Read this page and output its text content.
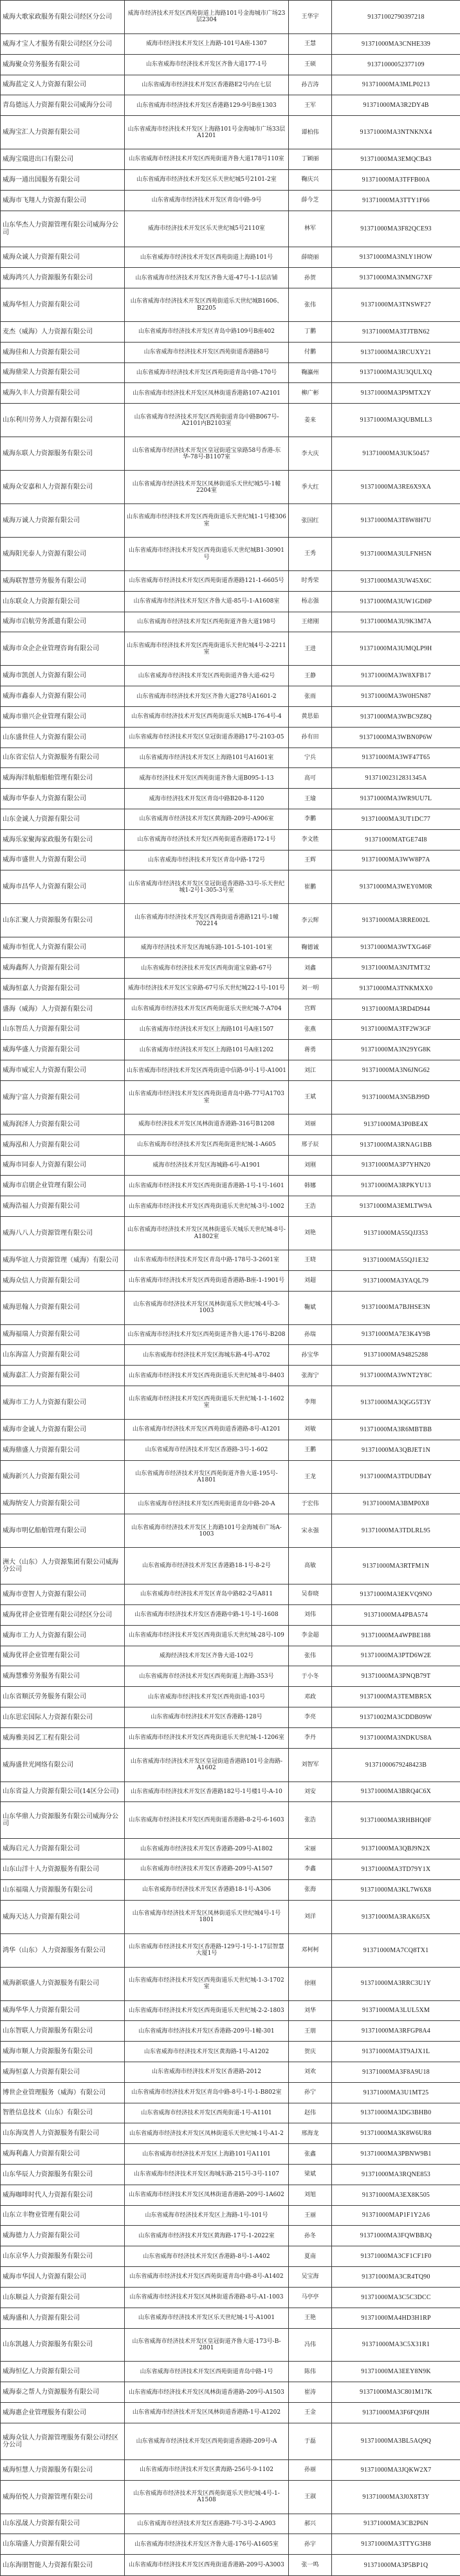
威海大歌家政服务有限公司经区分公司	威海市经济技术开发区西苑街道上海路101号金海城市广场23层2304	王华宇	91371002790397218
威海才宝人才服务有限公司经区分公司	威海市经济技术开发区上海路-101号A座-1307	王慧	91371000MA3CNHE339
威海聚众劳务服务有限公司	山东省威海市经济技术开发区齐鲁大道177-1号	王硕	91371000052377109
威海蓝定义人力资源有限公司	山东省威海市经济技术开发区香港路E2号内在七层	孙吉涛	91371000MA3MLP0213
青岛德远人力资源有限公司威海分公司	山东省威海市经济技术开发区香港路129-9号B座1303	王军	91371000MA3R2DY4B
威海宝汇人力资源有限公司	山东省威海市经济技术开发区上海路101号金海城市广场33层A1201	谭柏伟	91371000MA3NTNKNX4
威海宝瑞进出口有限公司	山东省威海市经济技术开发区西苑街道齐鲁大道178号110室	丁颖丽	91371000MA3EMQCB43
威海一通出国服务有限公司	山东省威海市经济技术开发区乐天世纪城5号2101-2室	鞠庆兴	91371000MA3TFFB00A
威海市飞翔人力资源有限公司	山东省威海市经济技术开发区青岛中路-9号	薛今芝	91371000MA3TTY1F66
山东华杰人力资源管理有限公司威海分公司	威海市经济技术开发区乐天世纪城5号2110室	林军	91371000MA3F82QCE93
威海众诚人力资源有限公司	山东省威海市经济技术开发区西苑街道上海路101号	薛晓丽	91371000MA3NLY1HOW
威海鸿兴人力资源服务有限公司	山东省威海市经济技术开发区齐鲁大道-47号-1-1层店铺	孙贺	91371000MA3NMNG7XF
威海华恒人力资源有限公司	山东省威海市经济技术开发区西苑街道乐天世纪城B1606、B2205	张伟	91371000MA3TNSWF27
麦杰（威海）人力资源有限公司	山东省威海市经济技术开发区青岛中路109号B座402	丁鹏	91371000MA3TJTBN62
威海佳和人力资源有限公司	山东省威海市经济技术开发区西苑街道香港路8号	付鹏	91371000MA3RCUXY21
威海鼎荣人力资源有限公司	山东省威海市经济技术开发区西苑街道青岛中路-170号	鞠瀛州	91371000MA3U3QULXQ
威海久丰人力资源有限公司	山东省威海市经济技术开发区凤林街道香港路107-A2101	柳广彬	91371000MA3P9MTX2Y
山东利川劳务人力资源有限公司	山东省威海市经济技术开发区西苑街道青岛中路B067号-A2101内B2103室	姜来	91371000MA3QUBMLL3
威海东联人力资源服务有限公司	山东省威海市经济技术开发区皇冠街道宝泉路58号香港-东华-78号-B1107室	李大庆	91371000MA3UK50457
威海众安嘉和人力资源有限公司	山东省威海市经济技术开发区凤林街道乐天世纪城5号-1幢2204室	季大红	91371000MA3RE6X9XA
威海万诚人力资源有限公司	山东省威海市经济技术开发区西苑街道乐天世纪城1-1号楼306室	张国红	91371000MA3T8W8H7U
威海阳光泰人力资源有限公司	山东省威海市经济技术开发区西苑街道乐天世纪城B1-30901号	王秀	91371000MA3ULFNH5N
威海联智慧劳务服务有限公司	山东省威海市经济技术开发区西苑街道香港路121-1-6605号	时秀荣	91371000MA3UW45X6C
山东联众人力资源有限公司	山东省威海市经济技术开发区齐鲁大道-85号-1-A1608室	杨志强	91371000MA3UW1GD8P
威海市启航劳务派遣有限公司	山东省威海市经济技术开发区西苑街道齐鲁大道198号	王绪刚	91371000MA3U9K3M7A
威海市众企企业管理咨询有限公司	山东省威海市经济技术开发区西苑街道乐天世纪城4号-2-2211室	王进	91371000MA3UMQLP9H
威海市凯创人力资源有限公司	山东省威海市经济技术开发区西苑街道齐鲁大道-62号	王静	91371000MA3W8XFB17
威海市鑫泰人力资源有限公司	山东省威海市经济技术开发区齐鲁大道278号A1601-2	张雨	91371000MA3W0H5N87
威海市鼎兴企业管理有限公司	山东省威海市经济技术开发区西苑街道乐天城B-176-4号-4	黄思茹	91371000MA3WBC9Z8Q
山东盛世佳人力资源有限公司	山东省威海市经济技术开发区皇冠街道香港路17号-2103-05	孙有田	91371000MA3WBN0P6W
山东省宏信人力资源服务有限公司	山东省威海市经济技术开发区上海路101号A1601室	宁兵	91371000MA3WF47T65
威海海洋航船船舶管理有限公司	威海市经济技术开发区西苑街道齐鲁大道B095-1-13	高可	91371002312831345A
威海市华泰人力资源有限公司	威海市经济技术开发区青岛中路B20-8-1120	王瑜	91371000MA3WR9UU7L
山东金诚人力资源有限公司	山东省威海市经济技术开发区黄海路-209号-A906室	李鹏	91371000MA3UT1DC77
威海乐家聚海家政服务有限公司	山东省威海市经济技术开发区西苑街道香港路172-1号	李文胜	91371000MATGE74I8
威海市盛世人力资源有限公司	山东省威海市经济技术开发区青岛中路-172号	王辉	91371000MA3WW8P7A
威海市昌华人力资源有限公司	山东省威海市经济技术开发区皇冠街道香港路-33号-乐天世纪城1-2号1-305-3号室	崔鹏	91371000MA3WEY0M0R
山东汇聚人力资源服务有限公司	山东省威海市经济技术开发区西苑街道香港路121号-1幢702214	李云辉	91371000MA3RRE002L
威海市恒优人力资源有限公司	威海市经济技术开发区海城东路-101-5-101-101室	鞠德诚	91371000MA3WTXG46F
威海鑫辉人力资源有限公司	山东省威海市经济技术开发区西苑街道宝泉路-67号	刘鑫	91371000MA3NJTMT32
威海恒嘉人力资源有限公司	威海市经济技术开发区宝泉路-67号乐天世纪城22-1号-101号	刘一明	91371000MA3TNKMXX0
盛海（威海）人力资源有限公司	山东省威海市经济技术开发区西苑街道乐天世纪城-7-A704	宫辉	91371000MA3RD4D944
山东智岳人力资源有限公司	山东省威海市经济技术开发区上海路101号A座1507	张燕	91371000MA3TF2W3GF
威海华盛人力资源有限公司	山东省威海市经济技术开发区上海路101号A座1202	蒋勇	91371000MA3N29YG8K
威海市威宏人力资源有限公司	山东省威海市经济技术开发区西苑街道中信路-9号-1号-A1001	刘江	91371000MA3N6JNG62
威海宁富人力资源有限公司	山东省威海市经济技术开发区西苑街道青岛中路-77号A1703室	王斌	91371000MA3N5BJ99D
威海润泽人力资源有限公司	威海市经济技术开发区凤林街道香港路-316号B1208	刘丽	91371000MA3P0BE4X
威海泓和人力资源有限公司	山东省威海市经济技术开发区西苑街道世纪城-1-A605	邢子辰	91371000MA3RNAG1BB
威海市同泰人力资源有限公司	威海市经济技术开发区海城路-6号-A1901	刘刚	91371000MA3P7YHN20
威海市启朋企业管理有限公司	山东省威海市经济技术开发区西苑街道香港路-1号-1号-1601	韩娜	91371000MA3RPKYU13
威海浩福人力资源有限公司	山东省威海市经济技术开发区西苑街道乐天世纪城-3号-1002	王浩	91371000MA3EMLTW9A
威海八八人力资源管理有限公司	山东省威海市经济技术开发区凤林街道乐天城乐天世纪城-8号-A1802室	刘艳	91371000MA55QJJ353
威海华谊人力资源管理（威海）有限公司	山东省威海市经济技术开发区青岛中路-178号-3-2601室	王晓	91371000MA55QJ1E32
威海众信人力资源有限公司	山东省威海市经济技术开发区西苑街道香港路-B座-1-1901号	刘超	91371000MA3YAQL79
威海思翰人力资源有限公司	山东省威海市经济技术开发区凤林街道乐天世纪城-4号-3-1003	鞠斌	91371000MA7BJHSE3N
威海福瑞人力资源有限公司	山东省威海市经济技术开发区西苑街道齐鲁大道-176号-B208	孙瑞	91371000MA7E3K4Y9B
山东海富人力资源有限公司	山东省威海市经济技术开发区海城东路-4号-A702	孙宝华	91371000MA94825288
威海嘉汇人力资源有限公司	山东省威海市经济技术开发区西苑街道乐天世纪城-8号-8403	张海宁	91371000MA3WNT2Y8C
威海市工力人力资源有限公司	山东省威海市经济技术开发区西苑街道乐天世纪城-1-1-1602室	李翔	91371000MA3QGG5T3Y
威海市金诚人力资源有限公司	山东省威海市经济技术开发区西苑街道香港路-8号-A1201	刘敏	91371000MA3R6MBTBB
威海鼎盛人力资源有限公司	山东省威海市经济技术开发区香港路-3号-1-602	王鹏	91371000MA3QBJET1N
威海新兴人力资源有限公司	山东省威海市经济技术开发区西苑街道齐鲁大道-195号-A1801	王龙	91371000MA3TDUDB4Y
威海纳安人力资源有限公司	山东省威海市经济技术开发区西苑街道青岛中路-20-A	于宏伟	91371000MA3BMP0X8
威海市明亿船舶管理有限公司	山东省威海市经济技术开发区上海路101号金海城市广场A-1003	宋永强	91371000MA3TDLRL95
洲大（山东）人力资源集团有限公司威海分公司	山东省威海市经济技术开发区香港路18-1号-8-2号	高敏	91371000MA3RTFM1N
威海市壹智人力资源有限公司	山东省威海市经济技术开发区青岛中路82-2号A811	吴春晓	91371000MA3EKVQ9NO
威海优祥企业管理有限公司经区分公司	山东省威海市经济技术开发区香港路中路-1号-1号-1608	刘伟	91371000MA4PBA574
威海市工力人力资源有限公司	山东省威海市经济技术开发区西苑街道乐天世纪城-28号-109	李金超	91371000MA4WPBE188
威海优祥企业管理有限公司	威海经济技术开发区齐鲁大道-102号	张伟	91371000MA3PTD6W2E
威海慧雅劳务服务有限公司	山东省威海市经济技术开发区西苑街道上海路-353号	于小冬	91371000MA3PNQB79T
山东省顺沃劳务服务有限公司	山东省威海市经济技术开发区西苑街道-103号	邓政	91371000MA3TEMBR5X
山东思宏国际人力资源有限公司	山东省威海市经济技术开发区香港路-128号	李亮	91371002MA3CDDB09W
威海雅美园艺工程有限公司	山东省威海市经济技术开发区西苑街道乐天世纪城-1-1206室	李丹	91371000MA3NDKUS8A
威海盛世光网络有限公司	山东省威海市经济技术开发区皇冠街道香港路101号金海路-A1602	刘智军	91371000679248423B
山东省益人力资源有限公司(14区分公司)	山东省威海市经济技术开发区香港路182号-1号楼1号-A-10	刘安	91371000MA3BRQ4C6X
山东华鼎人力资源服务有限公司威海分公司	山东省威海市经济技术开发区西苑街道香港路-8-2号-6-1603	张浩	91371000MA3RHBHQ0F
威海启元人力资源有限公司	山东省威海市经济技术开发区香港路-209号-A1802	宋丽	91371000MA3QBJ9N2X
山东山洋十人力资源服务有限公司	山东省威海市经济技术开发区香港路-209号-A1507	李鑫	91371000MA3TD79Y1X
山东福瑞人力资源服务有限公司	山东省威海市经济技术开发区香港路18-1号-A306	张海	91371000MA3KL7W6X8
威海天达人力资源有限公司	山东省威海市经济技术开发区凤林街道乐天世纪城4号-1号1801	刘洋	91371000MA3RAK6J5X
鸿华（山东）人力资源服务有限公司	山东省威海市经济技术开发区香港路-129号-1号-1-17层智慧大厦1号	邓柯柯	91371000MA7CQ8TX1
威海新联盛人力资源服务有限公司	山东省威海市经济技术开发区西苑街道乐天世纪城-1-3-1702室	徐刚	91371000MA3RRC3U1Y
威海华华人力资源有限公司	山东省威海市经济技术开发区西苑街道乐天世纪城-2-2-1803	刘华	91371000MA3LUL5XM
山东智联人力资源服务有限公司	山东省威海市经济技术开发区香港路-209号-1幢-301	王朋	91371000MA3RFGP8A4
威海市顺人力资源服务有限公司	山东省威海市经济技术开发区黄海路-1号-A1202	贺庆	91371000MA3T9AJX1L
威海恒嘉人力资源有限公司	山东省威海市经济技术开发区香港路-2012	刘欢	91371000MA3F8A9U18
博世企业管理服务（威海）有限公司	山东省威海市经济技术开发区青岛中路-8号-1号-1-B802室	孙宁	91371000MA3U1MT25
智胜信息技术（山东）有限公司	山东省威海市经济技术开发区西苑街道-1号-A1101	赵伟	91371000MA3DG3BHB0
山东海岚普人力资源服务有限公司	山东省威海市经济技术开发区凤林街道乐天世纪城-1号-A1-2	邢海龙	91371000MA3K8W6UR8
威海利鑫人力资源有限公司	山东省威海市经济技术开发区上海路101号A1101	张鑫	91371000MA3PBNW9B1
山东华辰人力资源服务有限公司	山东省威海市经济技术开发区海城东路-215号-3号-1107	梁斌	91371000MA3RQNE853
威海咖啡时代人力资源有限公司	山东省威海市经济技术开发区凤林街道香港路-209号-1A602	刘旭	91371000MA3EX8K505
山东立丰物业管理有限公司	山东省威海市经济技术开发区上海路-1号-101号	王丽	91371000MAP1F1Y2A6
威海德力人力资源有限公司	山东省威海市经济技术开发区黄海路-17号-1-2022室	孙冬	91371000MA3FQWBBJQ
山东京华人力资源服务有限公司	山东省威海市经济技术开发区香港路-8号-1-A402	夏南	91371000MA3CF1CF1F0
威海市华国人力资源有限公司	山东省威海市经济技术开发区西苑街道青岛中路-8号-A1402	吴宝海	91371000MA3CR4TQ90
山东顺益人力资源有限公司	山东省威海市经济技术开发区凤林街道香港路-8号-A1-1003	马亭亭	91371000MA3C5C3DCC
威海盛和人力资源有限公司	山东省威海市经济技术开发区乐天世纪城-1号-A1001	王艳	91371000MA4HD3H1RP
山东凯越人力资源服务有限公司	山东省威海市经济技术开发区皇冠街道齐鲁大道-173号-B-2801	冯伟	91371000MA3C5X31R1
威海恒亿人力资源有限公司	山东省威海市经济技术开发区西苑街道青岛中路-1号	陈伟	91371000MA3EEY8N9K
威海泰之帮人力资源服务有限公司	山东省威海市经济技术开发区凤林街道香港路-209号-A1503	崔涛	91371000MA3C801M17K
威海惠企业管理服务有限公司	山东省威海市经济技术开发区凤林街道香港路-1号-A1202	王金	91371000MA3F6FQ9JH
威海众钛人力资源管理服务有限公司经区分公司	山东省威海市经济技术开发区西苑街道香港路-209号-A	于磊	91371000MA3BL5AQ9Q
威海恒慧人力资源服务有限公司	山东省威海市经济技术开发区黄海路-256号-9-1102	孙丽	91371000MA3JQKW2X7
威海佰悦人力资源管理有限公司	山东省威海市经济技术开发区西苑街道乐天世纪城-4号-1-A1508	王淑	91371000MA3J0X8T3Y
山东泓晟人力资源有限公司	山东省威海市经济技术开发区香港路-7号-3号-2-A903	郝兴	91371000MA3CB2P6N
山东瑞盛人力资源有限公司	山东省威海市经济技术开发区齐鲁大道-176号-A1605室	孙宇	91371000MA3TTYG3H8
山东海朋智能人力资源有限公司	山东省威海市经济技术开发区西苑街道香港路-209号-A3003	张一鸣	91371000MA3P5BP1Q
